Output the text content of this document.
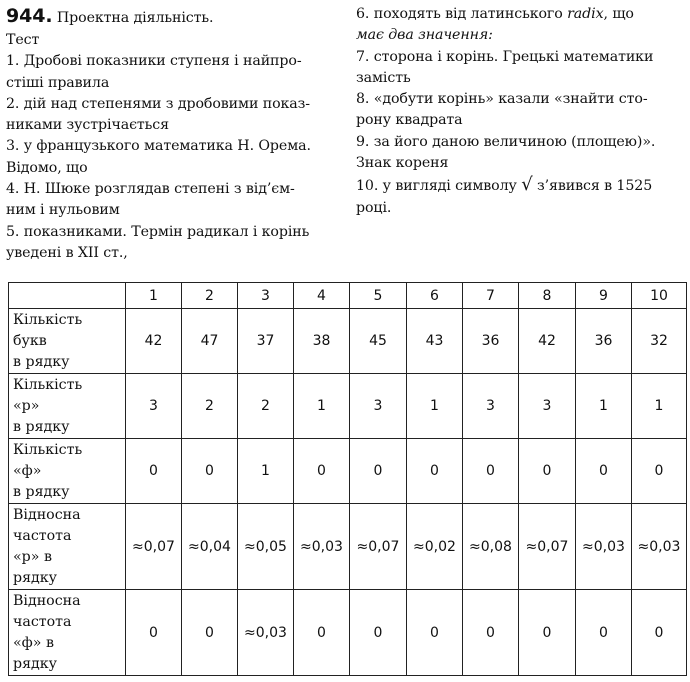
944. Проектна діяльність.

Тест

1. Дробові показники ступеня і найпро-

стіші правила

2. дій над степенями з дробовими показ-

никами зустрічається

3. у французького математика Н. Орема.

Відомо, що

4. Н. Шюке розглядав степені з від’єм-

ним і нульовим

5. показниками. Термін радикал і корінь

уведені в XII ст.,

6. походять від латинського radix, що

має два значення:

7. сторона і корінь. Грецькі математики

замість

8. «добути корінь» казали «знайти сто-

рону квадрата

9. за його даною величиною (площею)».

Знак кореня

10. у вигляді символу √ з’явився в 1525

році.

	1	2	3	4	5	6	7	8	9	10
Кількість
букв
в рядку	42	47	37	38	45	43	36	42	36	32
Кількість
«р»
в рядку	3	2	2	1	3	1	3	3	1	1
Кількість
«ф»
в рядку	0	0	1	0	0	0	0	0	0	0
Відносна
частота
«р» в
рядку	≈0,07	≈0,04	≈0,05	≈0,03	≈0,07	≈0,02	≈0,08	≈0,07	≈0,03	≈0,03
Відносна
частота
«ф» в
рядку	0	0	≈0,03	0	0	0	0	0	0	0
